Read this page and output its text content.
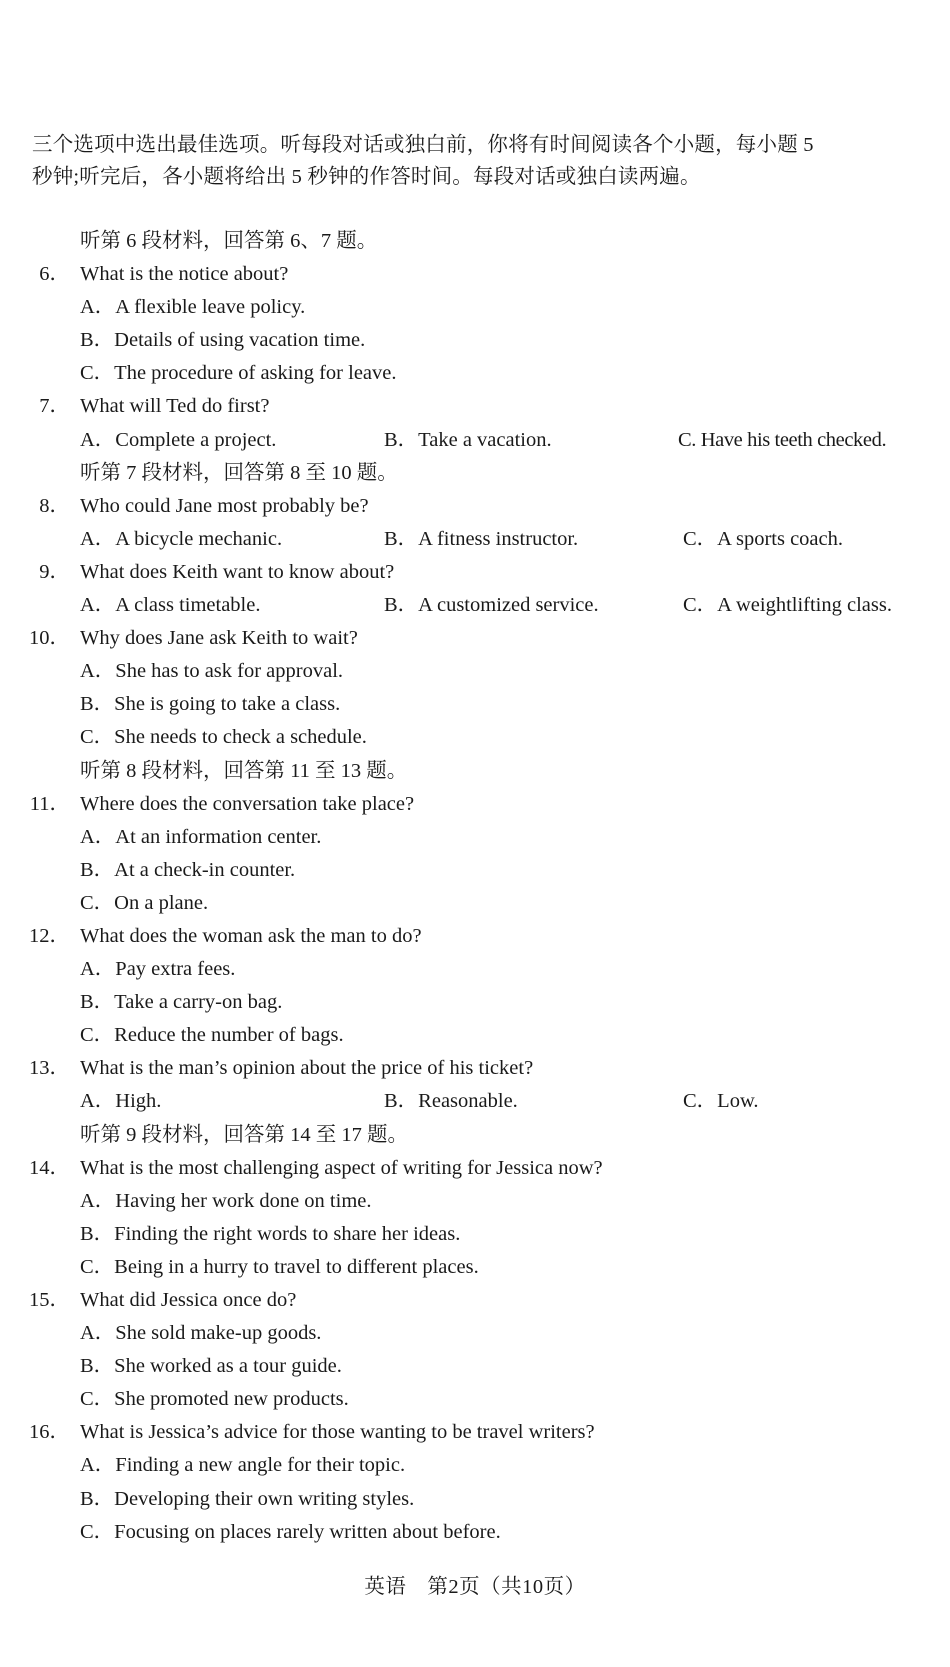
三个选项中选出最佳选项。听每段对话或独白前，你将有时间阅读各个小题，每小题 5
秒钟;听完后，各小题将给出 5 秒钟的作答时间。每段对话或独白读两遍。
听第 6 段材料，回答第 6、7 题。
6． What is the notice about?
A．A flexible leave policy.
B．Details of using vacation time.
C．The procedure of asking for leave.
7． What will Ted do first?
A．Complete a project.	B．Take a vacation.	C. Have his teeth checked.
听第 7 段材料，回答第 8 至 10 题。
8． Who could Jane most probably be?
A．A bicycle mechanic.	B．A fitness instructor.	C．A sports coach.
9． What does Keith want to know about?
A．A class timetable.	B．A customized service.	C．A weightlifting class.
10． Why does Jane ask Keith to wait?
A．She has to ask for approval.
B．She is going to take a class.
C．She needs to check a schedule.
听第 8 段材料，回答第 11 至 13 题。
11． Where does the conversation take place?
A．At an information center.
B．At a check-in counter.
C．On a plane.
12． What does the woman ask the man to do?
A．Pay extra fees.
B．Take a carry-on bag.
C．Reduce the number of bags.
13． What is the man’s opinion about the price of his ticket?
A．High.	B．Reasonable.	C．Low.
听第 9 段材料，回答第 14 至 17 题。
14． What is the most challenging aspect of writing for Jessica now?
A．Having her work done on time.
B．Finding the right words to share her ideas.
C．Being in a hurry to travel to different places.
15． What did Jessica once do?
A．She sold make-up goods.
B．She worked as a tour guide.
C．She promoted new products.
16． What is Jessica’s advice for those wanting to be travel writers?
A．Finding a new angle for their topic.
B．Developing their own writing styles.
C．Focusing on places rarely written about before.
英语　第2页（共10页）
